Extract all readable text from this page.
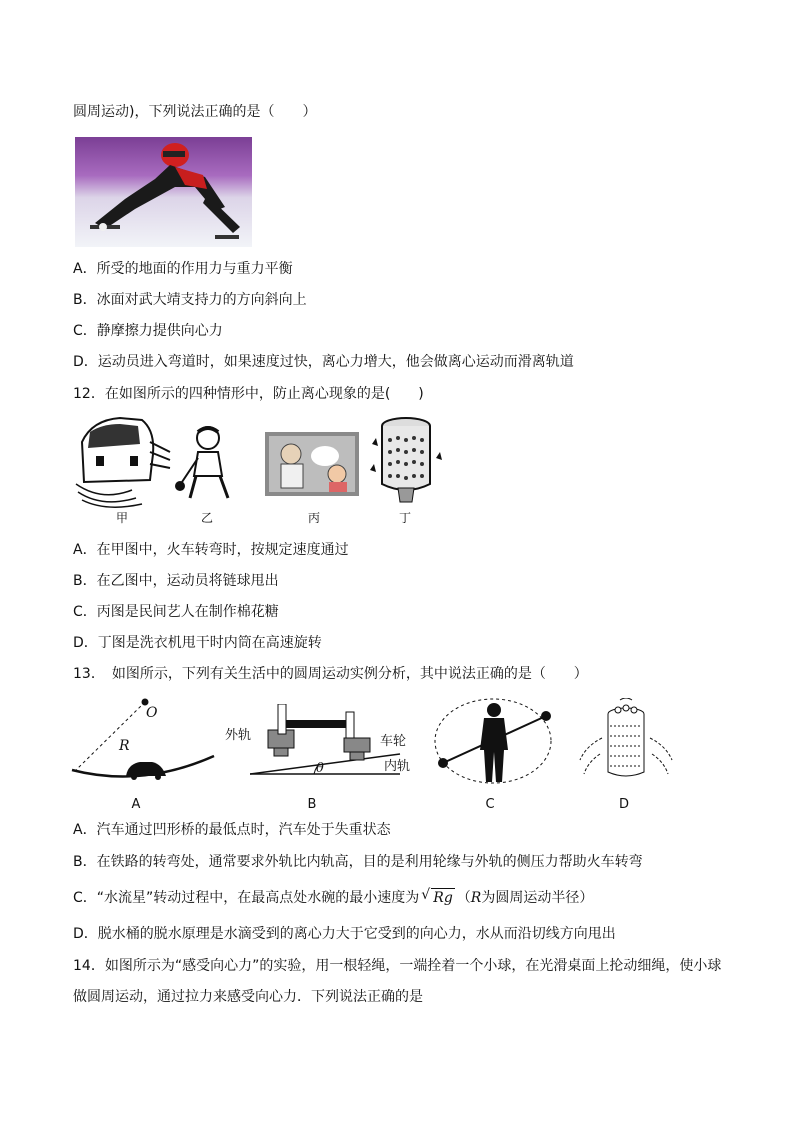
圆周运动)，下列说法正确的是（　　）
A．所受的地面的作用力与重力平衡
B．冰面对武大靖支持力的方向斜向上
C．静摩擦力提供向心力
D．运动员进入弯道时，如果速度过快，离心力增大，他会做离心运动而滑离轨道
12．在如图所示的四种情形中，防止离心现象的是(　　)
甲	乙	丙	丁
A．在甲图中，火车转弯时，按规定速度通过
B．在乙图中，运动员将链球甩出
C．丙图是民间艺人在制作棉花糖
D．丁图是洗衣机甩干时内筒在高速旋转
13．　如图所示，下列有关生活中的圆周运动实例分析，其中说法正确的是（　　）
O
R
外轨	车轮
内轨
θ
A	B	C	D
A．汽车通过凹形桥的最低点时，汽车处于失重状态
B．在铁路的转弯处，通常要求外轨比内轨高，目的是利用轮缘与外轨的侧压力帮助火车转弯
C．“水流星”转动过程中，在最高点处水碗的最小速度为 √ Rg （R为圆周运动半径）
D．脱水桶的脱水原理是水滴受到的离心力大于它受到的向心力，水从而沿切线方向甩出
14．如图所示为“感受向心力”的实验，用一根轻绳，一端拴着一个小球，在光滑桌面上抡动细绳，使小球
做圆周运动，通过拉力来感受向心力．下列说法正确的是
